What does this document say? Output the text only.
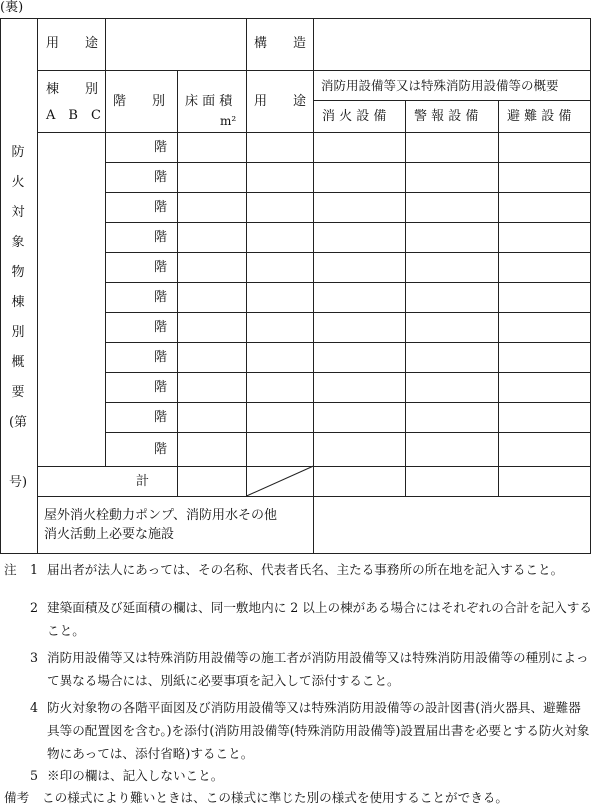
(裏)
防
火
対
象
物
棟
別
概
要
(第

号)
用　　途	構　　造
棟　　別
A　B　C
階　　別 床 面 積
m²
用　　途
消防用設備等又は特殊消防用設備等の概要
消 火 設 備 警 報 設 備 避 難 設 備
階
階
階
階
階
階
階
階
階
階
階
計
屋外消火栓動力ポンプ、消防用水その他
消火活動上必要な施設
注 1 届出者が法人にあっては、その名称、代表者氏名、主たる事務所の所在地を記入すること。
2 建築面積及び延面積の欄は、同一敷地内に 2 以上の棟がある場合にはそれぞれの合計を記入すること。
3 消防用設備等又は特殊消防用設備等の施工者が消防用設備等又は特殊消防用設備等の種別によって異なる場合には、別紙に必要事項を記入して添付すること。
4 防火対象物の各階平面図及び消防用設備等又は特殊消防用設備等の設計図書(消火器具、避難器具等の配置図を含む。)を添付(消防用設備等(特殊消防用設備等)設置届出書を必要とする防火対象物にあっては、添付省略)すること。
5 ※印の欄は、記入しないこと。
備考 この様式により難いときは、この様式に準じた別の様式を使用することができる。
